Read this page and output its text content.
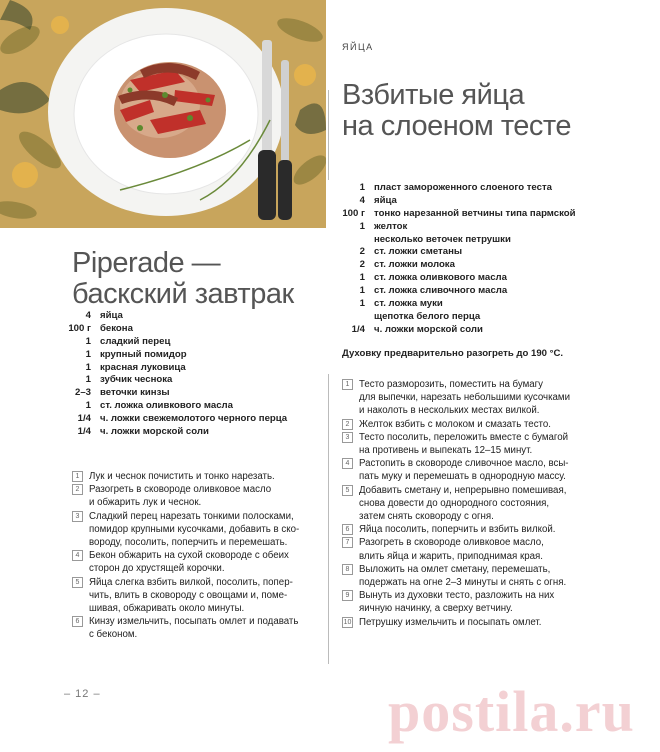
ЯЙЦА
Piperade —
баскский завтрак
4 яйца
100 г бекона
1 сладкий перец
1 крупный помидор
1 красная луковица
1 зубчик чеснока
2–3 веточки кинзы
1 ст. ложка оливкового масла
1/4 ч. ложки свежемолотого черного перца
1/4 ч. ложки морской соли
1 Лук и чеснок почистить и тонко нарезать.
2 Разогреть в сковороде оливковое масло
и обжарить лук и чеснок.
3 Сладкий перец нарезать тонкими полосками,
помидор крупными кусочками, добавить в ско-
вороду, посолить, поперчить и перемешать.
4 Бекон обжарить на сухой сковороде с обеих
сторон до хрустящей корочки.
5 Яйца слегка взбить вилкой, посолить, попер-
чить, влить в сковороду с овощами и, поме-
шивая, обжаривать около минуты.
6 Кинзу измельчить, посыпать омлет и подавать
с беконом.
Взбитые яйца
на слоеном тесте
1 пласт замороженного слоеного теста
4 яйца
100 г тонко нарезанной ветчины типа пармской
1 желток
несколько веточек петрушки
2 ст. ложки сметаны
2 ст. ложки молока
1 ст. ложка оливкового масла
1 ст. ложка сливочного масла
1 ст. ложка муки
щепотка белого перца
1/4 ч. ложки морской соли
Духовку предварительно разогреть до 190 °С.
1 Тесто разморозить, поместить на бумагу
для выпечки, нарезать небольшими кусочками
и наколоть в нескольких местах вилкой.
2 Желток взбить с молоком и смазать тесто.
3 Тесто посолить, переложить вместе с бумагой
на противень и выпекать 12–15 минут.
4 Растопить в сковороде сливочное масло, всы-
пать муку и перемешать в однородную массу.
5 Добавить сметану и, непрерывно помешивая,
снова довести до однородного состояния,
затем снять сковороду с огня.
6 Яйца посолить, поперчить и взбить вилкой.
7 Разогреть в сковороде оливковое масло,
влить яйца и жарить, приподнимая края.
8 Выложить на омлет сметану, перемешать,
подержать на огне 2–3 минуты и снять с огня.
9 Вынуть из духовки тесто, разложить на них
яичную начинку, а сверху ветчину.
10 Петрушку измельчить и посыпать омлет.
– 12 –	postila.ru
